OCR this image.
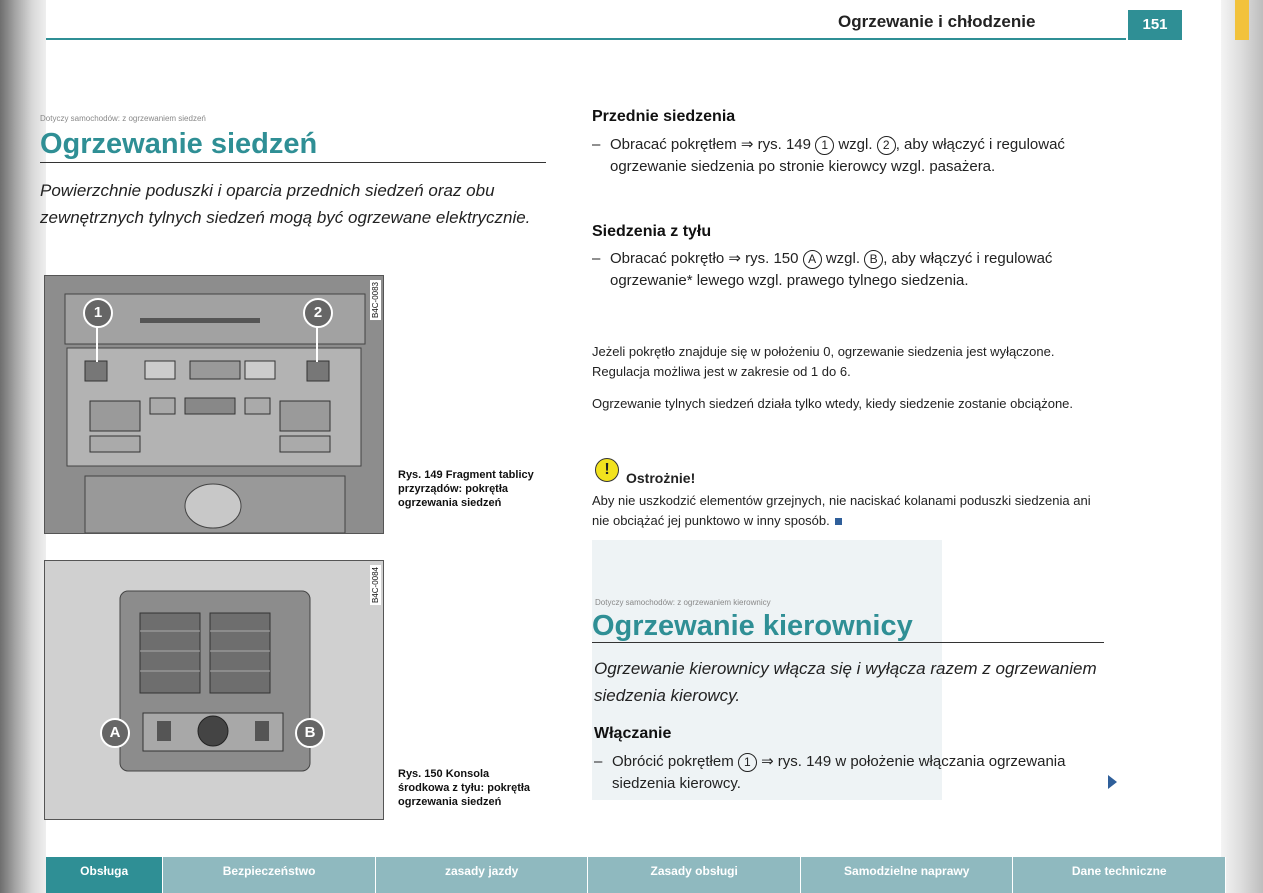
Ogrzewanie i chłodzenie	151
Dotyczy samochodów: z ogrzewaniem siedzeń
Ogrzewanie siedzeń
Powierzchnie poduszki i oparcia przednich siedzeń oraz obu zewnętrznych tylnych siedzeń mogą być ogrzewane elektrycznie.
1	2	B4C-0083
Rys. 149 Fragment tablicy przyrządów: pokrętła ogrzewania siedzeń
A	B
B4C-0084
Rys. 150 Konsola środkowa z tyłu: pokrętła ogrzewania siedzeń
Przednie siedzenia
– Obracać pokrętłem ⇒ rys. 149 1 wzgl. 2 , aby włączyć i regulować ogrzewanie siedzenia po stronie kierowcy wzgl. pasażera.
Siedzenia z tyłu
– Obracać pokrętło ⇒ rys. 150 A wzgl. B , aby włączyć i regulować ogrzewanie* lewego wzgl. prawego tylnego siedzenia.
Jeżeli pokrętło znajduje się w położeniu 0, ogrzewanie siedzenia jest wyłączone. Regulacja możliwa jest w zakresie od 1 do 6.
Ogrzewanie tylnych siedzeń działa tylko wtedy, kiedy siedzenie zostanie obciążone.
!	Ostrożnie!
Aby nie uszkodzić elementów grzejnych, nie naciskać kolanami poduszki siedzenia ani nie obciążać jej punktowo w inny sposób.
Dotyczy samochodów: z ogrzewaniem kierownicy
Ogrzewanie kierownicy
Ogrzewanie kierownicy włącza się i wyłącza razem z ogrzewaniem siedzenia kierowcy.
Włączanie
– Obrócić pokrętłem 1 ⇒ rys. 149 w położenie włączania ogrzewania siedzenia kierowcy.
Obsługa	Bezpieczeństwo	zasady jazdy	Zasady obsługi	Samodzielne naprawy	Dane techniczne
